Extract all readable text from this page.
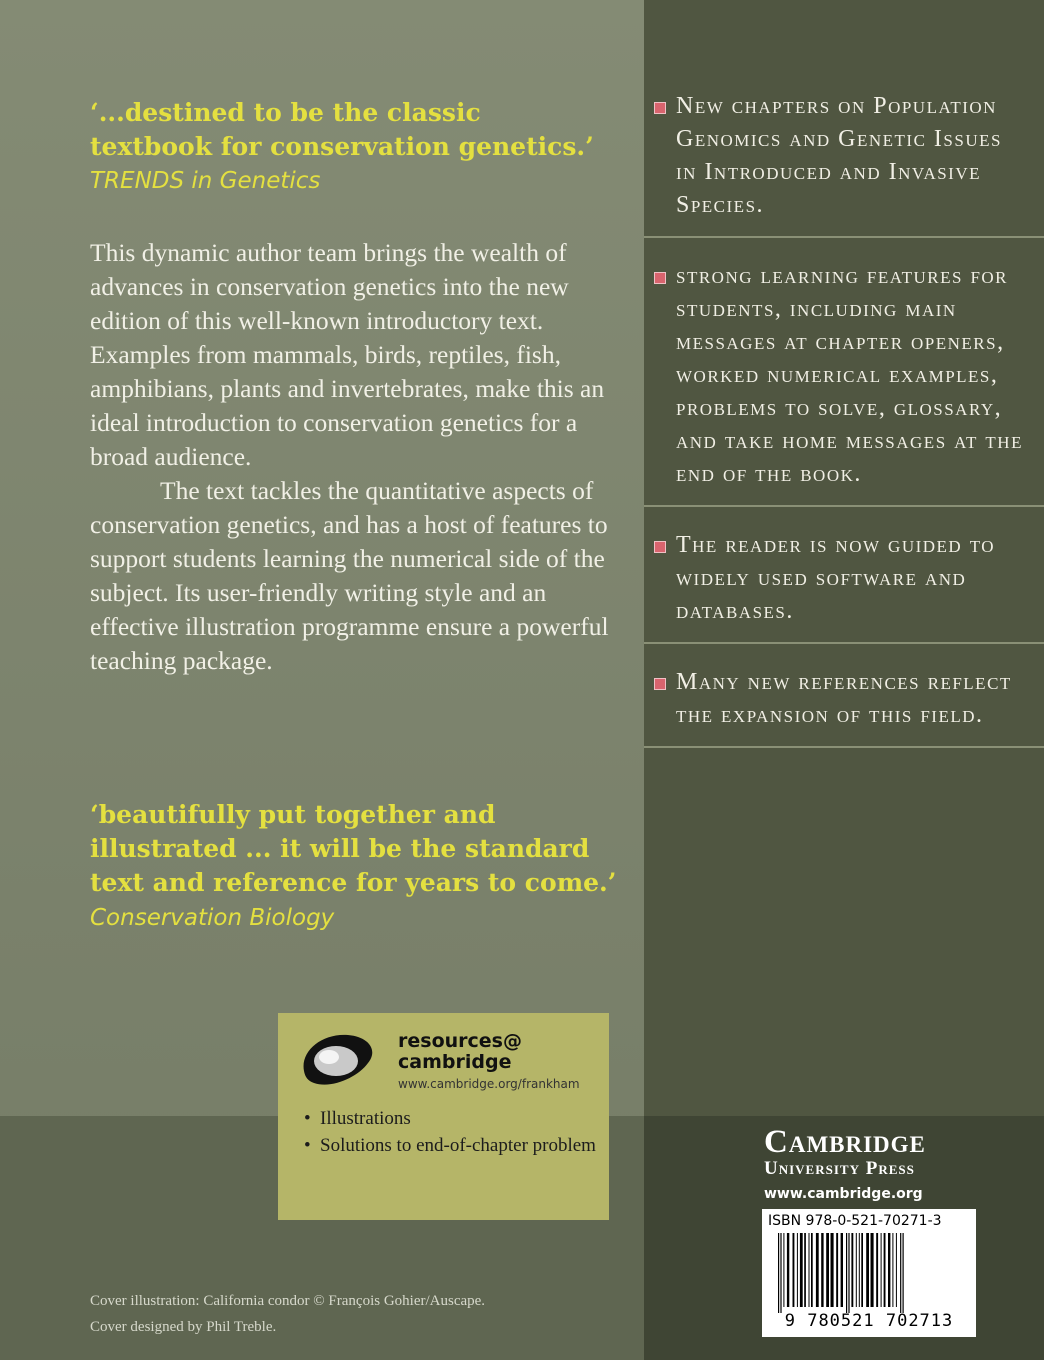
‘...destined to be the classic textbook for conservation genetics.’
TRENDS in Genetics

This dynamic author team brings the wealth of advances in conservation genetics into the new edition of this well-known introductory text. Examples from mammals, birds, reptiles, fish, amphibians, plants and invertebrates, make this an ideal introduction to conservation genetics for a broad audience.

The text tackles the quantitative aspects of conservation genetics, and has a host of features to support students learning the numerical side of the subject. Its user-friendly writing style and an effective illustration programme ensure a powerful teaching package.

‘beautifully put together and illustrated ... it will be the standard text and reference for years to come.’ Conservation Biology
New chapters on Population Genomics and Genetic Issues in Introduced and Invasive Species.
strong learning features for students, including main messages at chapter openers, worked numerical examples, problems to solve, glossary, and take home messages at the end of the book.
The reader is now guided to widely used software and databases.
Many new references reflect the expansion of this field.
resources@
cambridge
www.cambridge.org/frankham
• Illustrations
• Solutions to end-of-chapter problem
Cover illustration: California condor © François Gohier/Auscape.
Cover designed by Phil Treble.
Cambridge
University Press
www.cambridge.org
ISBN 978-0-521-70271-3
9 780521 702713
